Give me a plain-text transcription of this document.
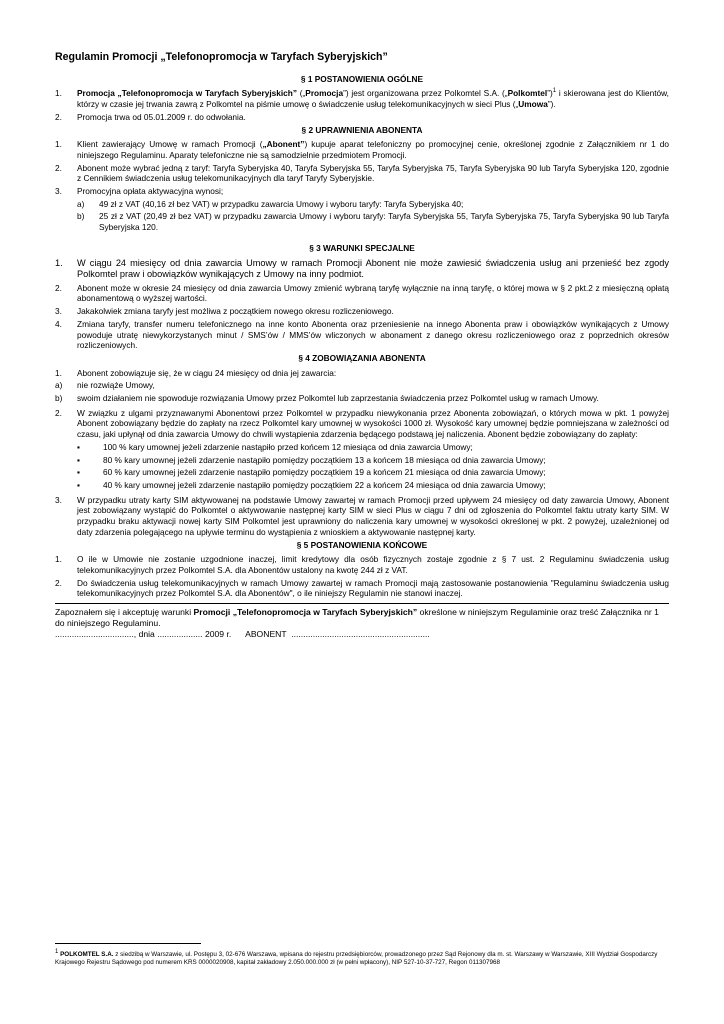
Regulamin Promocji „Telefonopromocja w Taryfach Syberyjskich”
§ 1 POSTANOWIENIA OGÓLNE
1.	Promocja „Telefonopromocja w Taryfach Syberyjskich” („Promocja”) jest organizowana przez Polkomtel S.A. („Polkomtel”)$^1$ i skierowana jest do Klientów, którzy w czasie jej trwania zawrą z Polkomtel na piśmie umowę o świadczenie usług telekomunikacyjnych w sieci Plus („Umowa”).
2.	Promocja trwa od 05.01.2009 r. do odwołania.
§ 2 UPRAWNIENIA ABONENTA
1.	Klient zawierający Umowę w ramach Promocji („Abonent”) kupuje aparat telefoniczny po promocyjnej cenie, określonej zgodnie z Załącznikiem nr 1 do niniejszego Regulaminu. Aparaty telefoniczne nie są samodzielnie przedmiotem Promocji.
2.	Abonent może wybrać jedną z taryf: Taryfa Syberyjska 40, Taryfa Syberyjska 55, Taryfa Syberyjska 75, Taryfa Syberyjska 90 lub Taryfa Syberyjska 120, zgodnie z Cennikiem świadczenia usług telekomunikacyjnych dla taryf Taryfy Syberyjskie.
3.	Promocyjna opłata aktywacyjna wynosi;
a)	49 zł z VAT (40,16 zł bez VAT) w przypadku zawarcia Umowy i wyboru taryfy: Taryfa Syberyjska 40;
b)	25 zł z VAT (20,49 zł bez VAT) w przypadku zawarcia Umowy i wyboru taryfy: Taryfa Syberyjska 55, Taryfa Syberyjska 75, Taryfa Syberyjska 90 lub Taryfa Syberyjska 120.
§ 3 WARUNKI SPECJALNE
1.	W ciągu 24 miesięcy od dnia zawarcia Umowy w ramach Promocji Abonent nie może zawiesić świadczenia usług ani przenieść bez zgody Polkomtel praw i obowiązków wynikających z Umowy na inny podmiot.
2.	Abonent może w okresie 24 miesięcy od dnia zawarcia Umowy zmienić wybraną taryfę wyłącznie na inną taryfę, o której mowa w § 2 pkt.2 z miesięczną opłatą abonamentową o wyższej wartości.
3.	Jakakolwiek zmiana taryfy jest możliwa z początkiem nowego okresu rozliczeniowego.
4.	Zmiana taryfy, transfer numeru telefonicznego na inne konto Abonenta oraz przeniesienie na innego Abonenta praw i obowiązków wynikających z Umowy powoduje utratę niewykorzystanych minut / SMS’ów / MMS’ów wliczonych w abonament z danego okresu rozliczeniowego oraz z poprzednich okresów rozliczeniowych.
§ 4 ZOBOWIĄZANIA ABONENTA
1.	Abonent zobowiązuje się, że w ciągu 24 miesięcy od dnia jej zawarcia:
a)	nie rozwiąże Umowy,
b)	swoim działaniem nie spowoduje rozwiązania Umowy przez Polkomtel lub zaprzestania świadczenia przez Polkomtel usług w ramach Umowy.
2.	W związku z ulgami przyznawanymi Abonentowi przez Polkomtel w przypadku niewykonania przez Abonenta zobowiązań, o których mowa w pkt. 1 powyżej Abonent zobowiązany będzie do zapłaty na rzecz Polkomtel kary umownej w wysokości 1000 zł. Wysokość kary umownej będzie pomniejszana w zależności od czasu, jaki upłynął od dnia zawarcia Umowy do chwili wystąpienia zdarzenia będącego podstawą jej naliczenia. Abonent będzie zobowiązany do zapłaty:
▪	100 % kary umownej jeżeli zdarzenie nastąpiło przed końcem 12 miesiąca od dnia zawarcia Umowy;
▪	80 % kary umownej jeżeli zdarzenie nastąpiło pomiędzy początkiem 13 a końcem 18 miesiąca od dnia zawarcia Umowy;
▪	60 % kary umownej jeżeli zdarzenie nastąpiło pomiędzy początkiem 19 a końcem 21 miesiąca od dnia zawarcia Umowy;
▪	40 % kary umownej jeżeli zdarzenie nastąpiło pomiędzy początkiem 22 a końcem 24 miesiąca od dnia zawarcia Umowy;
3.	W przypadku utraty karty SIM aktywowanej na podstawie Umowy zawartej w ramach Promocji przed upływem 24 miesięcy od daty zawarcia Umowy, Abonent jest zobowiązany wystąpić do Polkomtel o aktywowanie następnej karty SIM w sieci Plus w ciągu 7 dni od zgłoszenia do Polkomtel faktu utraty karty SIM. W przypadku braku aktywacji nowej karty SIM Polkomtel jest uprawniony do naliczenia kary umownej w wysokości określonej w pkt. 2 powyżej, uzależnionej od daty zdarzenia polegającego na upływie terminu do wystąpienia z wnioskiem a aktywowanie następnej karty.
§ 5 POSTANOWIENIA KOŃCOWE
1.	O ile w Umowie nie zostanie uzgodnione inaczej, limit kredytowy dla osób fizycznych zostaje zgodnie z § 7 ust. 2 Regulaminu świadczenia usług telekomunikacyjnych przez Polkomtel S.A. dla Abonentów ustalony na kwotę 244 zł z VAT.
2.	Do świadczenia usług telekomunikacyjnych w ramach Umowy zawartej w ramach Promocji mają zastosowanie postanowienia "Regulaminu świadczenia usług telekomunikacyjnych przez Polkomtel S.A. dla Abonentów", o ile niniejszy Regulamin nie stanowi inaczej.
Zapoznałem się i akceptuję warunki Promocji „Telefonopromocja w Taryfach Syberyjskich” określone w niniejszym Regulaminie oraz treść Załącznika nr 1 do niniejszego Regulaminu.
................................., dnia ................... 2009 r.      ABONENT  ..........................................................
$^1$ POLKOMTEL S.A. z siedzibą w Warszawie, ul. Postępu 3, 02-676 Warszawa, wpisana do rejestru przedsiębiorców, prowadzonego przez Sąd Rejonowy dla m. st. Warszawy w Warszawie, XIII Wydział Gospodarczy Krajowego Rejestru Sądowego pod numerem KRS 0000020908, kapitał zakładowy 2.050.000.000 zł (w pełni wpłacony), NIP 527-10-37-727, Regon 011307968
